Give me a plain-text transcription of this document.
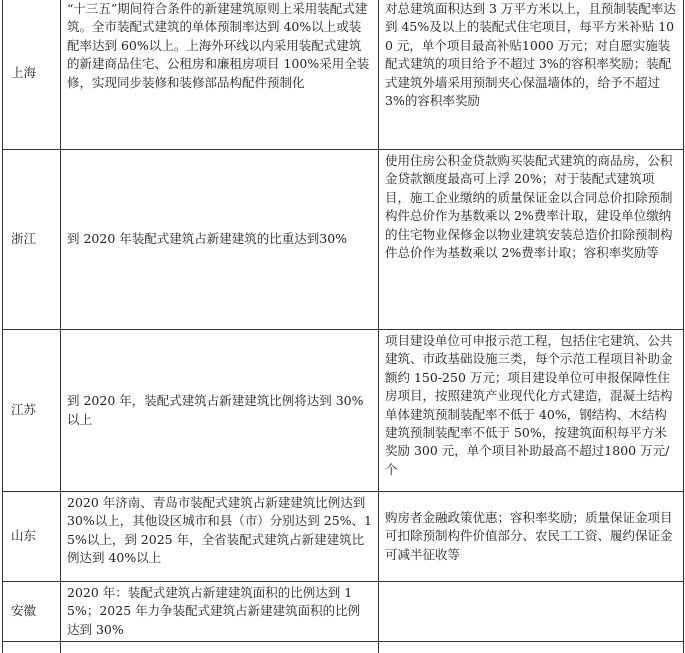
上海	“十三五”期间符合条件的新建建筑原则上采用装配式建筑。全市装配式建筑的单体预制率达到 40%以上或装配率达到 60%以上。上海外环线以内采用装配式建筑的新建商品住宅、公租房和廉租房项目 100%采用全装修，实现同步装修和装修部品构配件预制化	对总建筑面积达到 3 万平方米以上，且预制装配率达到 45%及以上的装配式住宅项目，每平方米补贴 100 元，单个项目最高补贴1000 万元；对自愿实施装配式建筑的项目给予不超过 3%的容积率奖励；装配式建筑外墙采用预制夹心保温墙体的，给予不超过 3%的容积率奖励

浙江	到 2020 年装配式建筑占新建建筑的比重达到30%	使用住房公积金贷款购买装配式建筑的商品房，公积金贷款额度最高可上浮 20%；对于装配式建筑项目，施工企业缴纳的质量保证金以合同总价扣除预制构件总价作为基数乘以 2%费率计取，建设单位缴纳的住宅物业保修金以物业建筑安装总造价扣除预制构件总价作为基数乘以 2%费率计取；容积率奖励等

江苏	到 2020 年，装配式建筑占新建建筑比例将达到 30%以上	项目建设单位可申报示范工程，包括住宅建筑、公共建筑、市政基础设施三类，每个示范工程项目补助金额约 150-250 万元；项目建设单位可申报保障性住房项目，按照建筑产业现代化方式建造，混凝土结构单体建筑预制装配率不低于 40%，钢结构、木结构建筑预制装配率不低于 50%，按建筑面积每平方米奖励 300 元，单个项目补助最高不超过1800 万元/个

山东	2020 年济南、青岛市装配式建筑占新建建筑比例达到 30%以上，其他设区城市和县（市）分别达到 25%、15%以上，到 2025 年，全省装配式建筑占新建建筑比例达到 40%以上	购房者金融政策优惠；容积率奖励；质量保证金项目可扣除预制构件价值部分、农民工工资、履约保证金可减半征收等

安徽	2020 年：装配式建筑占新建建筑面积的比例达到 15%；2025 年力争装配式建筑占新建建筑面积的比例达到 30%	
